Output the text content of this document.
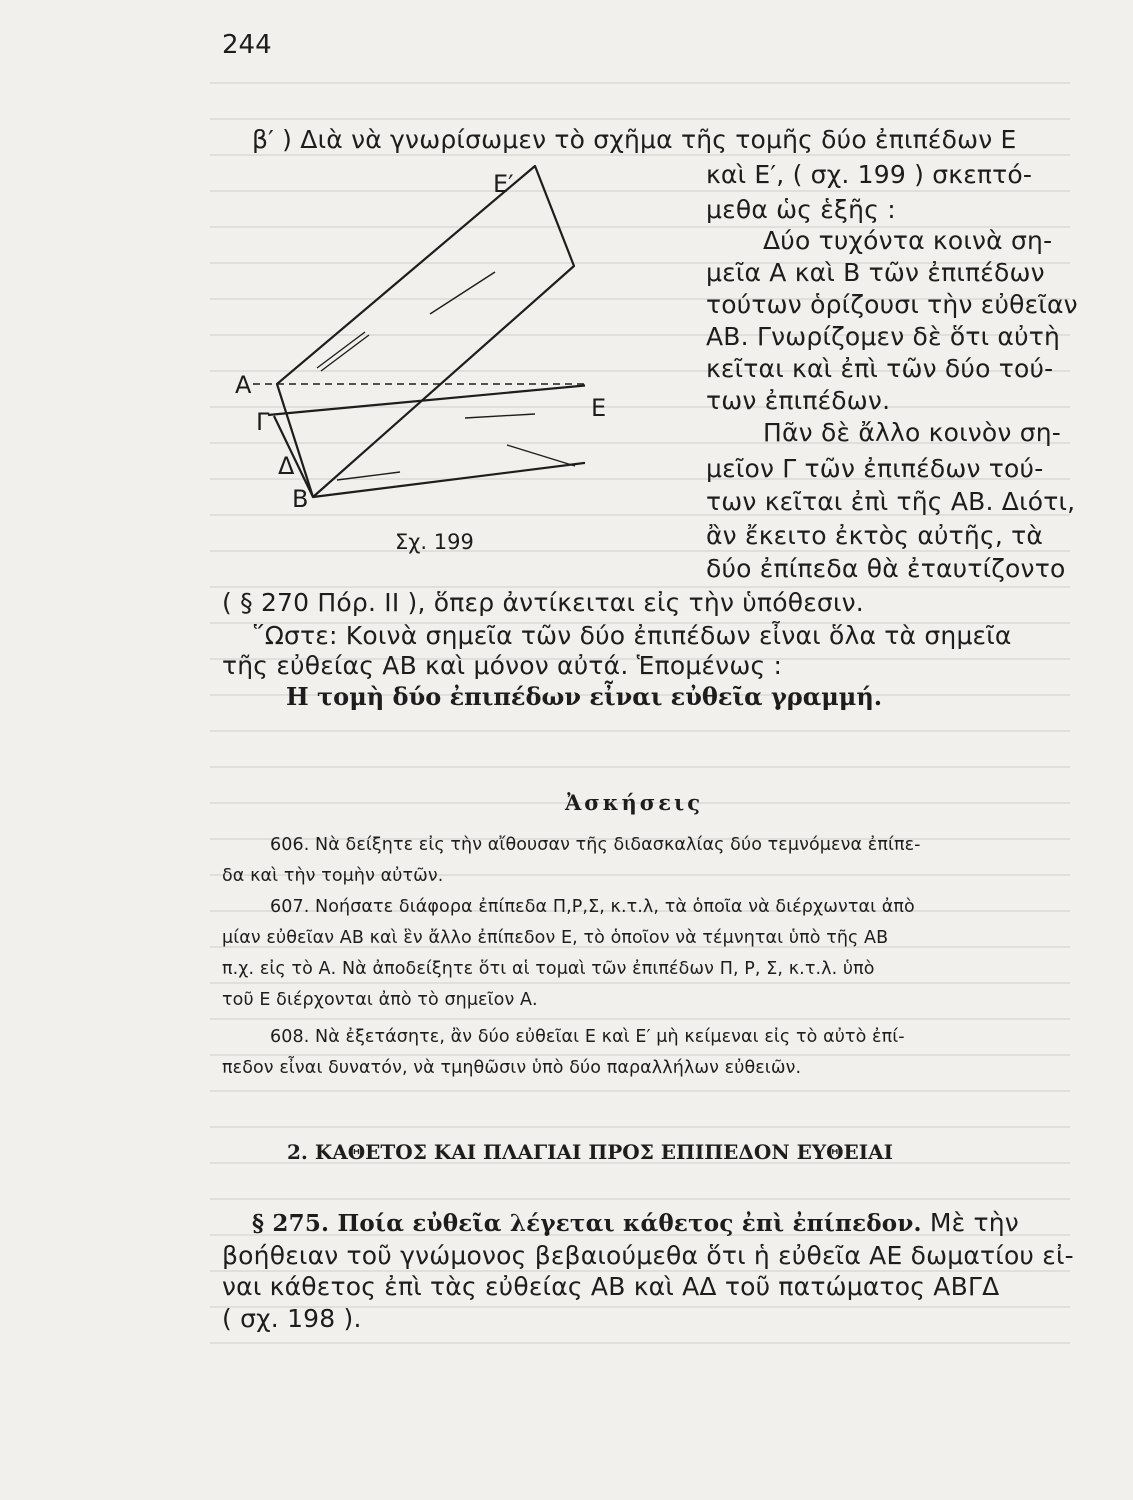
244
β′ ) Διὰ νὰ γνωρίσωμεν τὸ σχῆμα τῆς τομῆς δύο ἐπιπέδων Ε
καὶ Ε′, ( σχ. 199 ) σκεπτό-
μεθα ὡς ἑξῆς :
Δύο τυχόντα κοινὰ ση-
μεῖα Α καὶ Β τῶν ἐπιπέδων
τούτων ὁρίζουσι τὴν εὐθεῖαν
ΑΒ. Γνωρίζομεν δὲ ὅτι αὐτὴ
κεῖται καὶ ἐπὶ τῶν δύο τού-
των ἐπιπέδων.
Πᾶν δὲ ἄλλο κοινὸν ση-
μεῖον Γ τῶν ἐπιπέδων τού-
των κεῖται ἐπὶ τῆς ΑΒ. Διότι,
ἂν ἔκειτο ἐκτὸς αὐτῆς, τὰ
δύο ἐπίπεδα θὰ ἐταυτίζοντο
Ε′
Ε
Α
Γ
Δ
Β
Σχ. 199
( § 270 Πόρ. ΙΙ ), ὅπερ ἀντίκειται εἰς τὴν ὑπόθεσιν.
῞Ωστε: Κοινὰ σημεῖα τῶν δύο ἐπιπέδων εἶναι ὅλα τὰ σημεῖα
τῆς εὐθείας ΑΒ καὶ μόνον αὐτά. Ἑπομένως :
Η τομὴ δύο ἐπιπέδων εἶναι εὐθεῖα γραμμή.
Ἀσκήσεις
606. Νὰ δείξητε εἰς τὴν αἴθουσαν τῆς διδασκαλίας δύο τεμνόμενα ἐπίπε-
δα καὶ τὴν τομὴν αὐτῶν.
607. Νοήσατε διάφορα ἐπίπεδα Π,Ρ,Σ, κ.τ.λ, τὰ ὁποῖα νὰ διέρχωνται ἀπὸ
μίαν εὐθεῖαν ΑΒ καὶ ἓν ἄλλο ἐπίπεδον Ε, τὸ ὁποῖον νὰ τέμνηται ὑπὸ τῆς ΑΒ
π.χ. εἰς τὸ Α. Νὰ ἀποδείξητε ὅτι αἱ τομαὶ τῶν ἐπιπέδων Π, Ρ, Σ, κ.τ.λ. ὑπὸ
τοῦ Ε διέρχονται ἀπὸ τὸ σημεῖον Α.
608. Νὰ ἐξετάσητε, ἂν δύο εὐθεῖαι Ε καὶ Ε′ μὴ κείμεναι εἰς τὸ αὐτὸ ἐπί-
πεδον εἶναι δυνατόν, νὰ τμηθῶσιν ὑπὸ δύο παραλλήλων εὐθειῶν.
2. ΚΑΘΕΤΟΣ ΚΑΙ ΠΛΑΓΙΑΙ ΠΡΟΣ ΕΠΙΠΕΔΟΝ ΕΥΘΕΙΑΙ
§ 275. Ποία εὐθεῖα λέγεται κάθετος ἐπὶ ἐπίπεδον. Μὲ τὴν
βοήθειαν τοῦ γνώμονος βεβαιούμεθα ὅτι ἡ εὐθεῖα ΑΕ δωματίου εἰ-
ναι κάθετος ἐπὶ τὰς εὐθείας ΑΒ καὶ ΑΔ τοῦ πατώματος ΑΒΓΔ
( σχ. 198 ).
